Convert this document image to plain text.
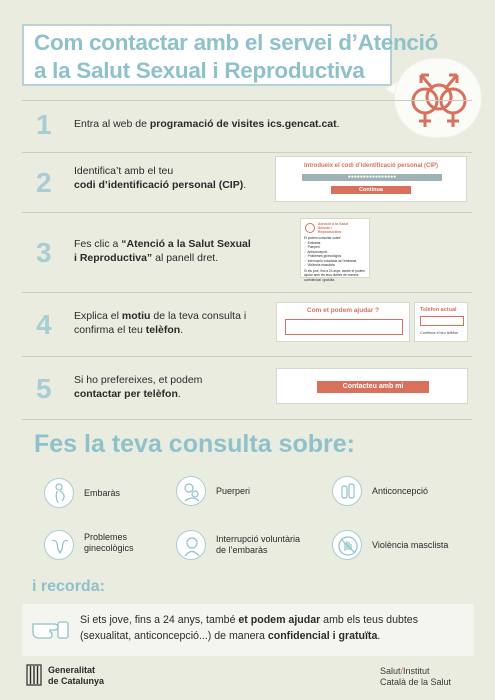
Com contactar amb el servei d’Atenció
a la Salut Sexual i Reproductiva
1 Entra al web de programació de visites ics.gencat.cat.
2 Identifica’t amb el teu
codi d’identificació personal (CIP).
Introdueix el codi d’identificació personal (CIP)
●●●●●●●●●●●●●●●●
Continua
3 Fes clic a “Atenció a la Salut Sexual
i Reproductiva” al panell dret.
Atenció a la Salut
Sexual i
Reproductiva
Et podem consultar sobre:
✓ Embaràs
✓ Puerperi
✓ Anticoncepció
✓ Problemes ginecològics
✓ Interrupció voluntària de l'embaràs
✓ Violència masclista
Si ets jove, fins a 24 anys, també et podem ajudar amb els teus dubtes de manera confidencial i gratuïta.
4 Explica el motiu de la teva consulta i
confirma el teu telèfon.
Com et podem ajudar ?	Telèfon actual
Confirma el teu telèfon
5 Si ho prefereixes, et podem
contactar per telèfon.
Contacteu amb mi
Fes la teva consulta sobre:
Embaràs	Puerperi	Anticoncepció
Problemes
ginecològics
Interrupció voluntària
de l’embaràs	Violència masclista
i recorda:
Si ets jove, fins a 24 anys, també et podem ajudar amb els teus dubtes (sexualitat, anticoncepció...) de manera confidencial i gratuïta.
Generalitat
de Catalunya
Salut/Institut
Català de la Salut
